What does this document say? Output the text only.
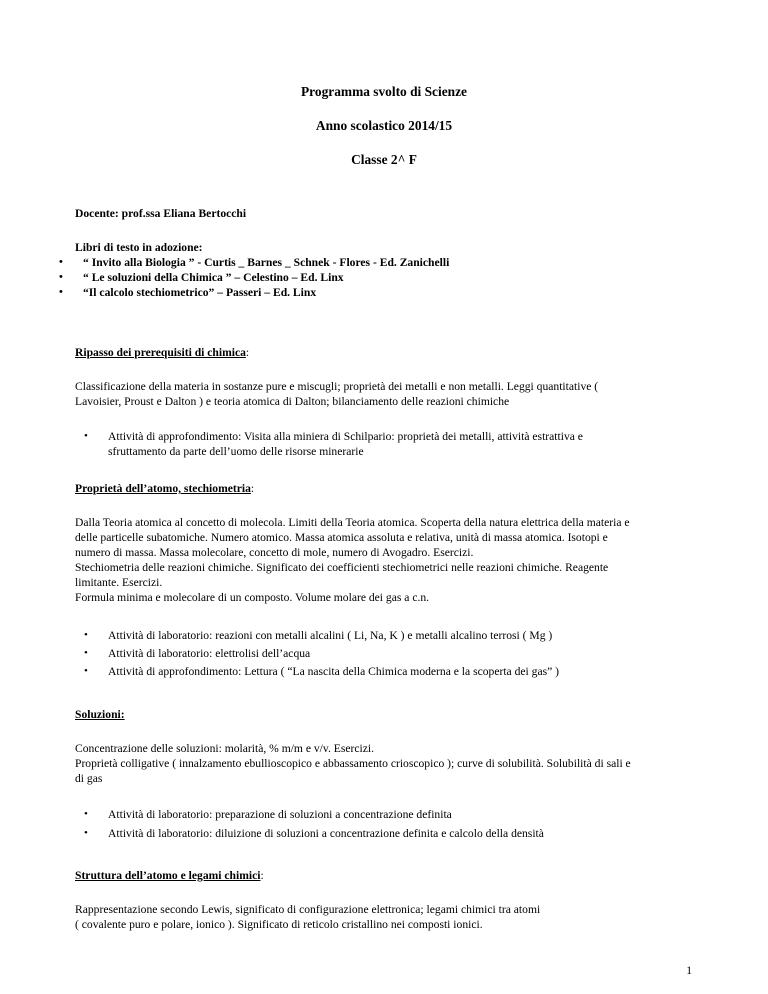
Programma svolto di Scienze
Anno scolastico 2014/15
Classe 2^ F
Docente: prof.ssa Eliana Bertocchi
Libri di testo in adozione:
• “ Invito alla Biologia ” - Curtis _ Barnes _ Schnek - Flores - Ed. Zanichelli
• “ Le soluzioni della Chimica ” – Celestino – Ed. Linx
• “Il calcolo stechiometrico” – Passeri – Ed. Linx
Ripasso dei prerequisiti di chimica:
Classificazione della materia in sostanze pure e miscugli; proprietà dei metalli e non metalli. Leggi quantitative (
Lavoisier, Proust e Dalton ) e teoria atomica di Dalton; bilanciamento delle reazioni chimiche
• Attività di approfondimento: Visita alla miniera di Schilpario: proprietà dei metalli, attività estrattiva e
sfruttamento da parte dell’uomo delle risorse minerarie
Proprietà dell’atomo, stechiometria:
Dalla Teoria atomica al concetto di molecola. Limiti della Teoria atomica. Scoperta della natura elettrica della materia e
delle particelle subatomiche. Numero atomico. Massa atomica assoluta e relativa, unità di massa atomica. Isotopi e
numero di massa. Massa molecolare, concetto di mole, numero di Avogadro. Esercizi.
Stechiometria delle reazioni chimiche. Significato dei coefficienti stechiometrici nelle reazioni chimiche. Reagente
limitante. Esercizi.
Formula minima e molecolare di un composto. Volume molare dei gas a c.n.
• Attività di laboratorio: reazioni con metalli alcalini ( Li, Na, K ) e metalli alcalino terrosi ( Mg )
• Attività di laboratorio: elettrolisi dell’acqua
• Attività di approfondimento: Lettura ( “La nascita della Chimica moderna e la scoperta dei gas” )
Soluzioni:
Concentrazione delle soluzioni: molarità, % m/m e v/v. Esercizi.
Proprietà colligative ( innalzamento ebullioscopico e abbassamento crioscopico ); curve di solubilità. Solubilità di sali e
di gas
• Attività di laboratorio: preparazione di soluzioni a concentrazione definita
• Attività di laboratorio: diluizione di soluzioni a concentrazione definita e calcolo della densità
Struttura dell’atomo e legami chimici:
Rappresentazione secondo Lewis, significato di configurazione elettronica; legami chimici tra atomi
( covalente puro e polare, ionico ). Significato di reticolo cristallino nei composti ionici.
1
